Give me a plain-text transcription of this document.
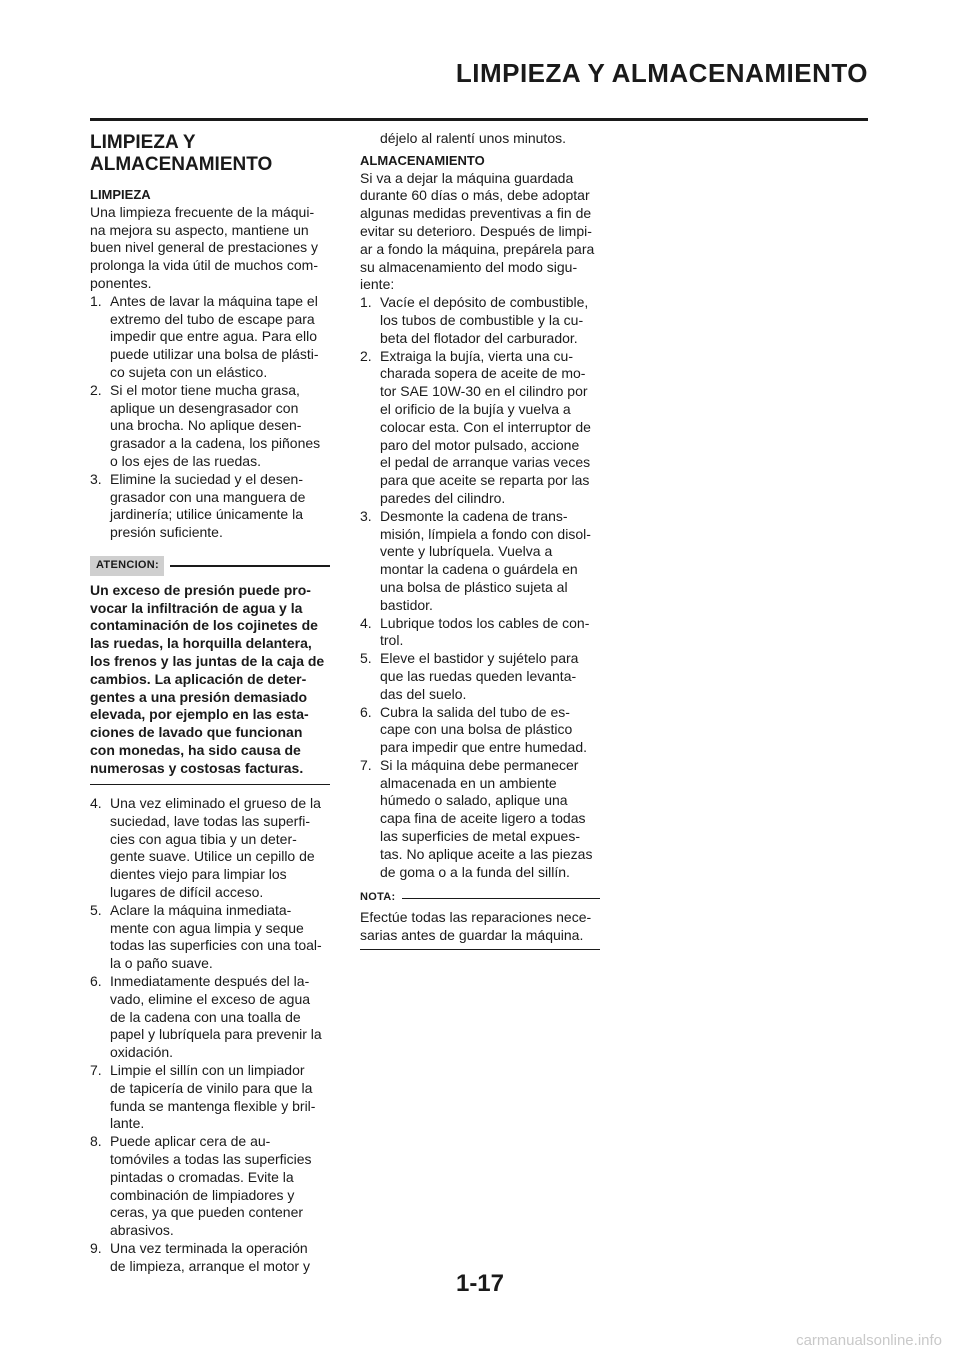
LIMPIEZA Y ALMACENAMIENTO
LIMPIEZA Y
ALMACENAMIENTO
LIMPIEZA
Una limpieza frecuente de la máqui-
na mejora su aspecto, mantiene un
buen nivel general de prestaciones y
prolonga la vida útil de muchos com-
ponentes.
1. Antes de lavar la máquina tape el
extremo del tubo de escape para
impedir que entre agua. Para ello
puede utilizar una bolsa de plásti-
co sujeta con un elástico.
2. Si el motor tiene mucha grasa,
aplique un desengrasador con
una brocha. No aplique desen-
grasador a la cadena, los piñones
o los ejes de las ruedas.
3. Elimine la suciedad y el desen-
grasador con una manguera de
jardinería; utilice únicamente la
presión suficiente.
ATENCION:
Un exceso de presión puede pro-
vocar la infiltración de agua y la
contaminación de los cojinetes de
las ruedas, la horquilla delantera,
los frenos y las juntas de la caja de
cambios. La aplicación de deter-
gentes a una presión demasiado
elevada, por ejemplo en las esta-
ciones de lavado que funcionan
con monedas, ha sido causa de
numerosas y costosas facturas.
4. Una vez eliminado el grueso de la
suciedad, lave todas las superfi-
cies con agua tibia y un deter-
gente suave. Utilice un cepillo de
dientes viejo para limpiar los
lugares de difícil acceso.
5. Aclare la máquina inmediata-
mente con agua limpia y seque
todas las superficies con una toal-
la o paño suave.
6. Inmediatamente después del la-
vado, elimine el exceso de agua
de la cadena con una toalla de
papel y lubríquela para prevenir la
oxidación.
7. Limpie el sillín con un limpiador
de tapicería de vinilo para que la
funda se mantenga flexible y bril-
lante.
8. Puede aplicar cera de au-
tomóviles a todas las superficies
pintadas o cromadas. Evite la
combinación de limpiadores y
ceras, ya que pueden contener
abrasivos.
9. Una vez terminada la operación
de limpieza, arranque el motor y
déjelo al ralentí unos minutos.
ALMACENAMIENTO
Si va a dejar la máquina guardada
durante 60 días o más, debe adoptar
algunas medidas preventivas a fin de
evitar su deterioro. Después de limpi-
ar a fondo la máquina, prepárela para
su almacenamiento del modo sigu-
iente:
1. Vacíe el depósito de combustible,
los tubos de combustible y la cu-
beta del flotador del carburador.
2. Extraiga la bujía, vierta una cu-
charada sopera de aceite de mo-
tor SAE 10W-30 en el cilindro por
el orificio de la bujía y vuelva a
colocar esta. Con el interruptor de
paro del motor pulsado, accione
el pedal de arranque varias veces
para que aceite se reparta por las
paredes del cilindro.
3. Desmonte la cadena de trans-
misión, límpiela a fondo con disol-
vente y lubríquela. Vuelva a
montar la cadena o guárdela en
una bolsa de plástico sujeta al
bastidor.
4. Lubrique todos los cables de con-
trol.
5. Eleve el bastidor y sujételo para
que las ruedas queden levanta-
das del suelo.
6. Cubra la salida del tubo de es-
cape con una bolsa de plástico
para impedir que entre humedad.
7. Si la máquina debe permanecer
almacenada en un ambiente
húmedo o salado, aplique una
capa fina de aceite ligero a todas
las superficies de metal expues-
tas. No aplique aceite a las piezas
de goma o a la funda del sillín.
NOTA:
Efectúe todas las reparaciones nece-
sarias antes de guardar la máquina.
1-17
carmanualsonline.info
